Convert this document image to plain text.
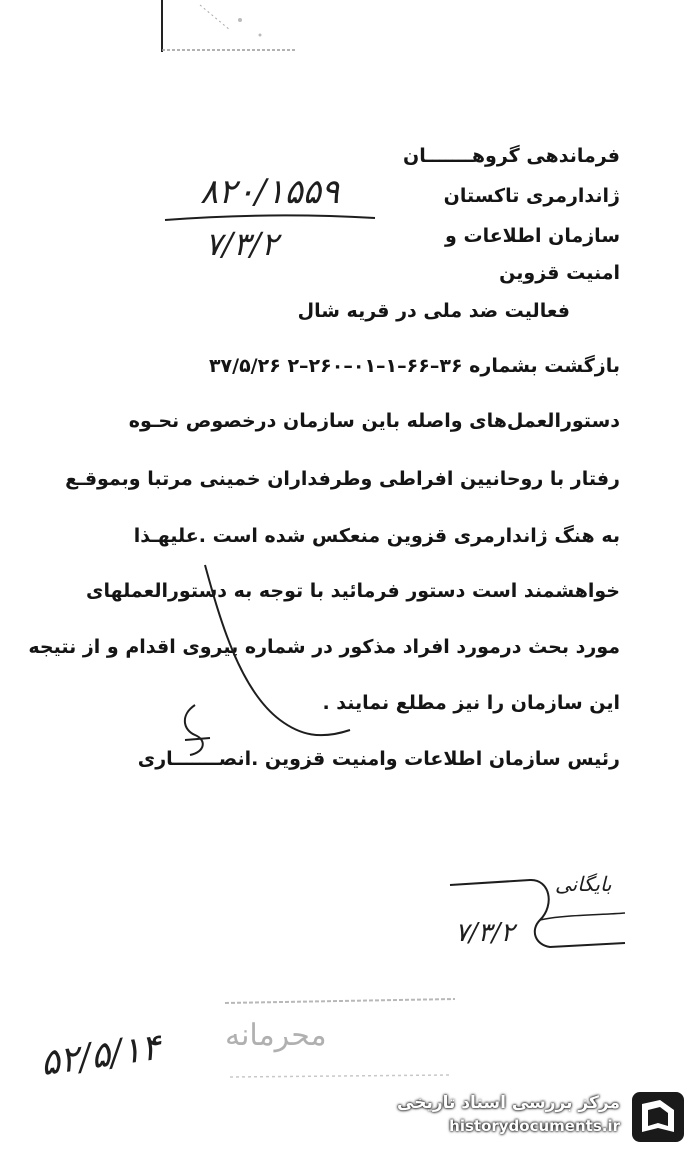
فرماندهی گروهـــــــان
ژاندارمری تاکستان
سازمان اطلاعات و
امنیت قزوین
۸۲۰/۱۵۵۹
۷/۳/۲
فعالیت ضد ملی در قریه شال
بازگشت بشماره ۳۶–۶۶–۱–۰۱–۲۶۰–۲ ۳۷/۵/۲۶
دستورالعمل‌های واصله باین سازمان درخصوص نحـوه
رفتار با روحانیین افراطی وطرفداران خمینی مرتبا وبموقـع
به هنگ ژاندارمری قزوین منعکس شده است .علیهـذا
خواهشمند است دستور فرمائید با توجه به دستورالعملهای
مورد بحث درمورد افراد مذکور در شماره پیروی اقدام و از نتیجه
این سازمان را نیز مطلع نمایند .
رئیس سازمان اطلاعات وامنیت قزوین .انصـــــــاری
بایگانی
۷/۳/۲
محرمانه
۵۲/۵/۱۴
مرکز بررسی اسناد تاریخی
historydocuments.ir
